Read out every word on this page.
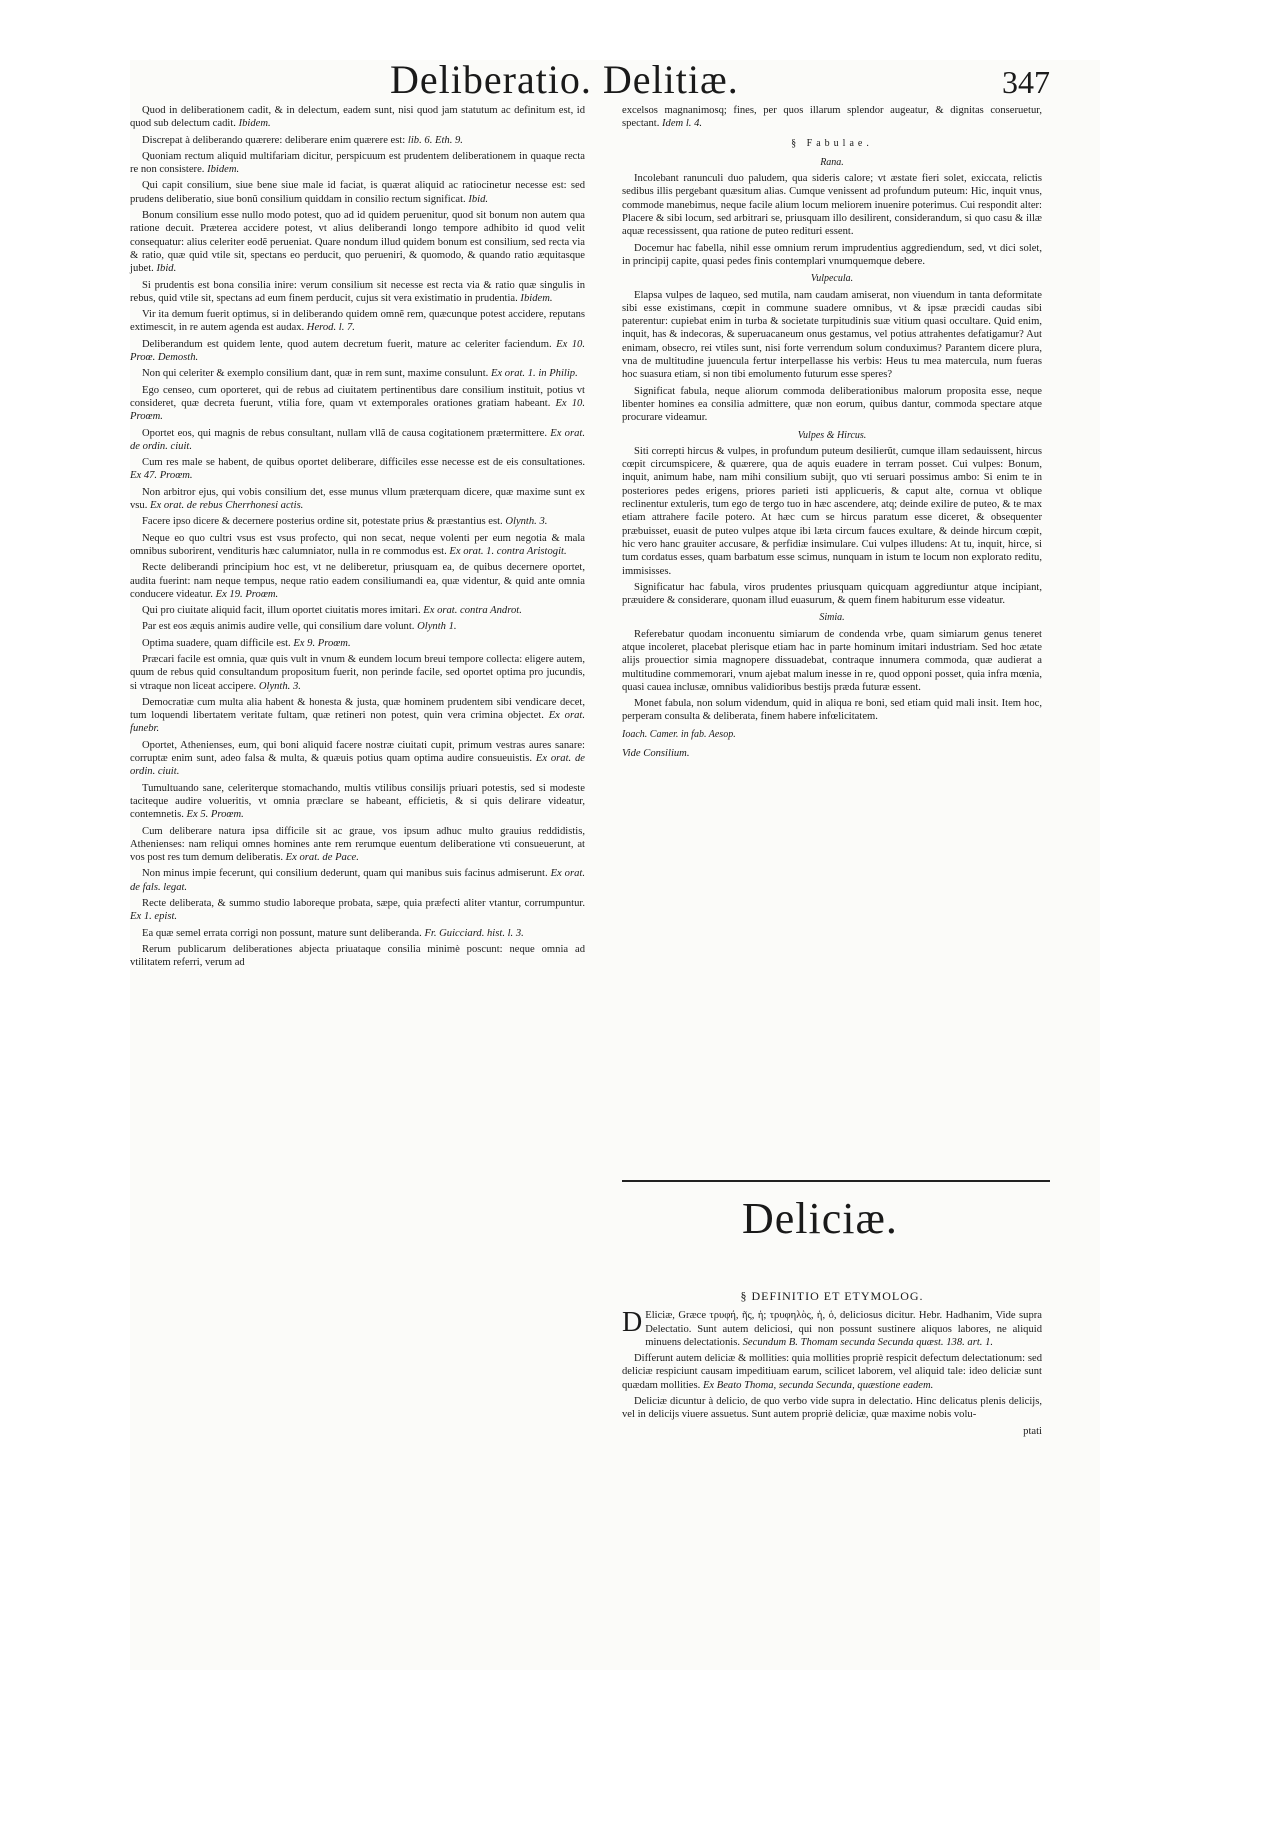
Deliberatio. Delitiæ.	347

Quod in deliberationem cadit, & in delectum, eadem sunt, nisi quod jam statutum ac definitum est, id quod sub delectum cadit. Ibidem.

Discrepat à deliberando quærere: deliberare enim quærere est: lib. 6. Eth. 9.

Quoniam rectum aliquid multifariam dicitur, perspicuum est prudentem deliberationem in quaque recta re non consistere. Ibidem.

Qui capit consilium, siue bene siue male id faciat, is quærat aliquid ac ratiocinetur necesse est: sed prudens deliberatio, siue bonũ consilium quiddam in consilio rectum significat. Ibid.

Bonum consilium esse nullo modo potest, quo ad id quidem peruenitur, quod sit bonum non autem qua ratione decuit. Præterea accidere potest, vt alius deliberandi longo tempore adhibito id quod velit consequatur: alius celeriter eodẽ perueniat. Quare nondum illud quidem bonum est consilium, sed recta via & ratio, quæ quid vtile sit, spectans eo perducit, quo perueniri, & quomodo, & quando ratio æquitasque jubet. Ibid.

Si prudentis est bona consilia inire: verum consilium sit necesse est recta via & ratio quæ singulis in rebus, quid vtile sit, spectans ad eum finem perducit, cujus sit vera existimatio in prudentia. Ibidem.

Vir ita demum fuerit optimus, si in deliberando quidem omnẽ rem, quæcunque potest accidere, reputans extimescit, in re autem agenda est audax. Herod. l. 7.

Deliberandum est quidem lente, quod autem decretum fuerit, mature ac celeriter faciendum. Ex 10. Proœ. Demosth.

Non qui celeriter & exemplo consilium dant, quæ in rem sunt, maxime consulunt. Ex orat. 1. in Philip.

Ego censeo, cum oporteret, qui de rebus ad ciuitatem pertinentibus dare consilium instituit, potius vt consideret, quæ decreta fuerunt, vtilia fore, quam vt extemporales orationes gratiam habeant. Ex 10. Proœm.

Oportet eos, qui magnis de rebus consultant, nullam vllã de causa cogitationem prætermittere. Ex orat. de ordin. ciuit.

Cum res male se habent, de quibus oportet deliberare, difficiles esse necesse est de eis consultationes. Ex 47. Proœm.

Non arbitror ejus, qui vobis consilium det, esse munus vllum præterquam dicere, quæ maxime sunt ex vsu. Ex orat. de rebus Cherrhonesi actis.

Facere ipso dicere & decernere posterius ordine sit, potestate prius & præstantius est. Olynth. 3.

Neque eo quo cultri vsus est vsus profecto, qui non secat, neque volenti per eum negotia & mala omnibus suborirent, vendituris hæc calumniator, nulla in re commodus est. Ex orat. 1. contra Aristogit.

Recte deliberandi principium hoc est, vt ne deliberetur, priusquam ea, de quibus decernere oportet, audita fuerint: nam neque tempus, neque ratio eadem consiliumandi ea, quæ videntur, & quid ante omnia conducere videatur. Ex 19. Proœm.

Qui pro ciuitate aliquid facit, illum oportet ciuitatis mores imitari. Ex orat. contra Androt.

Par est eos æquis animis audire velle, qui consilium dare volunt. Olynth 1.

Optima suadere, quam difficile est. Ex 9. Proœm.

Præcari facile est omnia, quæ quis vult in vnum & eundem locum breui tempore collecta: eligere autem, quum de rebus quid consultandum propositum fuerit, non perinde facile, sed oportet optima pro jucundis, si vtraque non liceat accipere. Olynth. 3.

Democratiæ cum multa alia habent & honesta & justa, quæ hominem prudentem sibi vendicare decet, tum loquendi libertatem veritate fultam, quæ retineri non potest, quin vera crimina objectet. Ex orat. funebr.

Oportet, Athenienses, eum, qui boni aliquid facere nostræ ciuitati cupit, primum vestras aures sanare: corruptæ enim sunt, adeo falsa & multa, & quæuis potius quam optima audire consueuistis. Ex orat. de ordin. ciuit.

Tumultuando sane, celeriterque stomachando, multis vtilibus consilijs priuari potestis, sed si modeste taciteque audire volueritis, vt omnia præclare se habeant, efficietis, & si quis delirare videatur, contemnetis. Ex 5. Proœm.

Cum deliberare natura ipsa difficile sit ac graue, vos ipsum adhuc multo grauius reddidistis, Athenienses: nam reliqui omnes homines ante rem rerumque euentum deliberatione vti consueuerunt, at vos post res tum demum deliberatis. Ex orat. de Pace.

Non minus impie fecerunt, qui consilium dederunt, quam qui manibus suis facinus admiserunt. Ex orat. de fals. legat.

Recte deliberata, & summo studio laboreque probata, sæpe, quia præfecti aliter vtantur, corrumpuntur. Ex 1. epist.

Ea quæ semel errata corrigi non possunt, mature sunt deliberanda. Fr. Guicciard. hist. l. 3.

Rerum publicarum deliberationes abjecta priuataque consilia minimè poscunt: neque omnia ad vtilitatem referri, verum ad

excelsos magnanimosq; fines, per quos illarum splendor augeatur, & dignitas conseruetur, spectant. Idem l. 4.

§ Fabulae.
Rana.

Incolebant ranunculi duo paludem, qua sideris calore; vt æstate fieri solet, exiccata, relictis sedibus illis pergebant quæsitum alias. Cumque venissent ad profundum puteum: Hic, inquit vnus, commode manebimus, neque facile alium locum meliorem inuenire poterimus. Cui respondit alter: Placere & sibi locum, sed arbitrari se, priusquam illo desilirent, considerandum, si quo casu & illæ aquæ recessissent, qua ratione de puteo redituri essent.

Docemur hac fabella, nihil esse omnium rerum imprudentius aggrediendum, sed, vt dici solet, in principij capite, quasi pedes finis contemplari vnumquemque debere.

Vulpecula.

Elapsa vulpes de laqueo, sed mutila, nam caudam amiserat, non viuendum in tanta deformitate sibi esse existimans, cœpit in commune suadere omnibus, vt & ipsæ præcidi caudas sibi paterentur: cupiebat enim in turba & societate turpitudinis suæ vitium quasi occultare. Quid enim, inquit, has & indecoras, & superuacaneum onus gestamus, vel potius attrahentes defatigamur? Aut enimam, obsecro, rei vtiles sunt, nisi forte verrendum solum conduximus? Parantem dicere plura, vna de multitudine juuencula fertur interpellasse his verbis: Heus tu mea matercula, num fueras hoc suasura etiam, si non tibi emolumento futurum esse speres?

Significat fabula, neque aliorum commoda deliberationibus malorum proposita esse, neque libenter homines ea consilia admittere, quæ non eorum, quibus dantur, commoda spectare atque procurare videamur.

Vulpes & Hircus.

Siti correpti hircus & vulpes, in profundum puteum desilierũt, cumque illam sedauissent, hircus cœpit circumspicere, & quærere, qua de aquis euadere in terram posset. Cui vulpes: Bonum, inquit, animum habe, nam mihi consilium subijt, quo vti seruari possimus ambo: Si enim te in posteriores pedes erigens, priores parieti isti applicueris, & caput alte, cornua vt oblique reclinentur extuleris, tum ego de tergo tuo in hæc ascendere, atq; deinde exilire de puteo, & te max etiam attrahere facile potero. At hæc cum se hircus paratum esse diceret, & obsequenter præbuisset, euasit de puteo vulpes atque ibi læta circum fauces exultare, & deinde hircum cœpit, hic vero hanc grauiter accusare, & perfidiæ insimulare. Cui vulpes illudens: At tu, inquit, hirce, si tum cordatus esses, quam barbatum esse scimus, nunquam in istum te locum non explorato reditu, immisisses.

Significatur hac fabula, viros prudentes priusquam quicquam aggrediuntur atque incipiant, præuidere & considerare, quonam illud euasurum, & quem finem habiturum esse videatur.

Simia.

Referebatur quodam inconuentu simiarum de condenda vrbe, quam simiarum genus teneret atque incoleret, placebat plerisque etiam hac in parte hominum imitari industriam. Sed hoc ætate alijs prouectior simia magnopere dissuadebat, contraque innumera commoda, quæ audierat a multitudine commemorari, vnum ajebat malum inesse in re, quod opponi posset, quia infra mœnia, quasi cauea inclusæ, omnibus validioribus bestijs præda futuræ essent.

Monet fabula, non solum videndum, quid in aliqua re boni, sed etiam quid mali insit. Item hoc, perperam consulta & deliberata, finem habere infœlicitatem.

Ioach. Camer. in fab. Aesop.
Vide Consilium.
Deliciæ.
§ DEFINITIO ET ETYMOLOG.

D Eliciæ, Græce τρυφή, ῆς, ἡ; τρυφηλὸς, ἡ, ὁ, deliciosus dicitur. Hebr. Hadhanim, Vide supra Delectatio. Sunt autem deliciosi, qui non possunt sustinere aliquos labores, ne aliquid minuens delectationis. Secundum B. Thomam secunda Secunda quæst. 138. art. 1.

Differunt autem deliciæ & mollities: quia mollities propriè respicit defectum delectationum: sed deliciæ respiciunt causam impeditiuam earum, scilicet laborem, vel aliquid tale: ideo deliciæ sunt quædam mollities. Ex Beato Thoma, secunda Secunda, quæstione eadem.

Deliciæ dicuntur à delicio, de quo verbo vide supra in delectatio. Hinc delicatus plenis delicijs, vel in delicijs viuere assuetus. Sunt autem propriè deliciæ, quæ maxime nobis volu-

ptati
